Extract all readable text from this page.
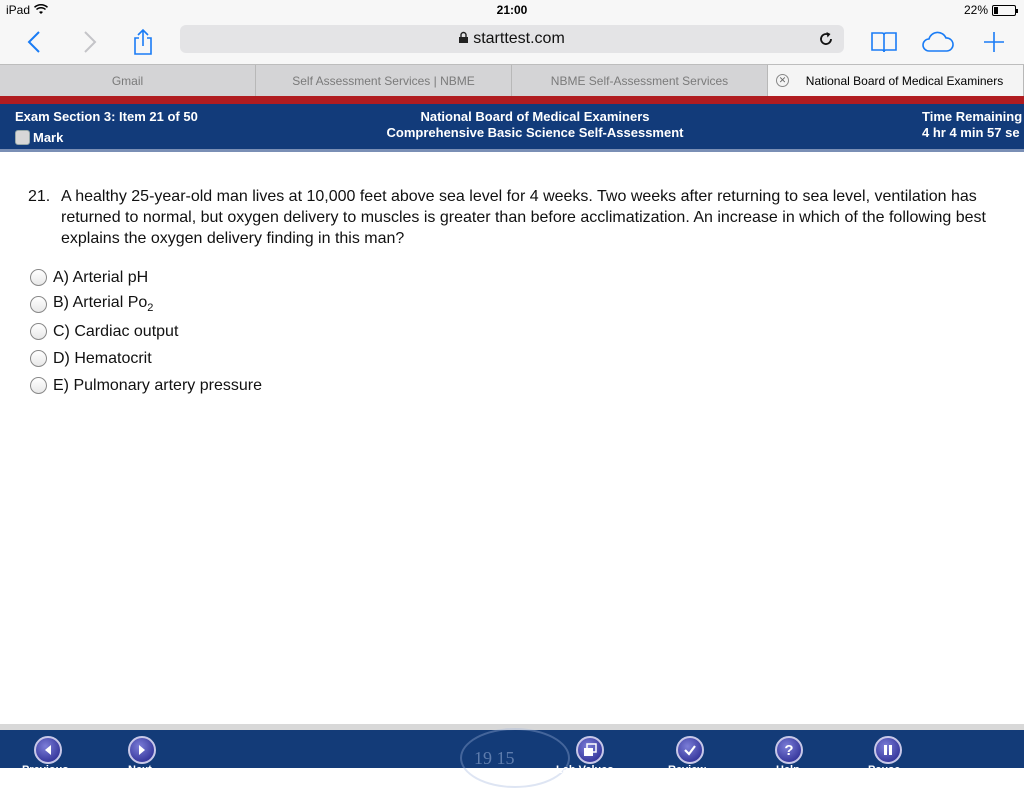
iPad	21:00	22%
starttest.com
Gmail	Self Assessment Services | NBME	NBME Self-Assessment Services	✕ National Board of Medical Examiners
Exam Section 3: Item 21 of 50
Mark
National Board of Medical Examiners
Comprehensive Basic Science Self-Assessment
Time Remaining
4 hr 4 min 57 se
21. A healthy 25-year-old man lives at 10,000 feet above sea level for 4 weeks. Two weeks after returning to sea level, ventilation has returned to normal, but oxygen delivery to muscles is greater than before acclimatization. An increase in which of the following best explains the oxygen delivery finding in this man?
A) Arterial pH
B) Arterial $Po_2$
C) Cardiac output
D) Hematocrit
E) Pulmonary artery pressure
19 15
Previous	Next	Lab Values	Review
?
Help	Pause
